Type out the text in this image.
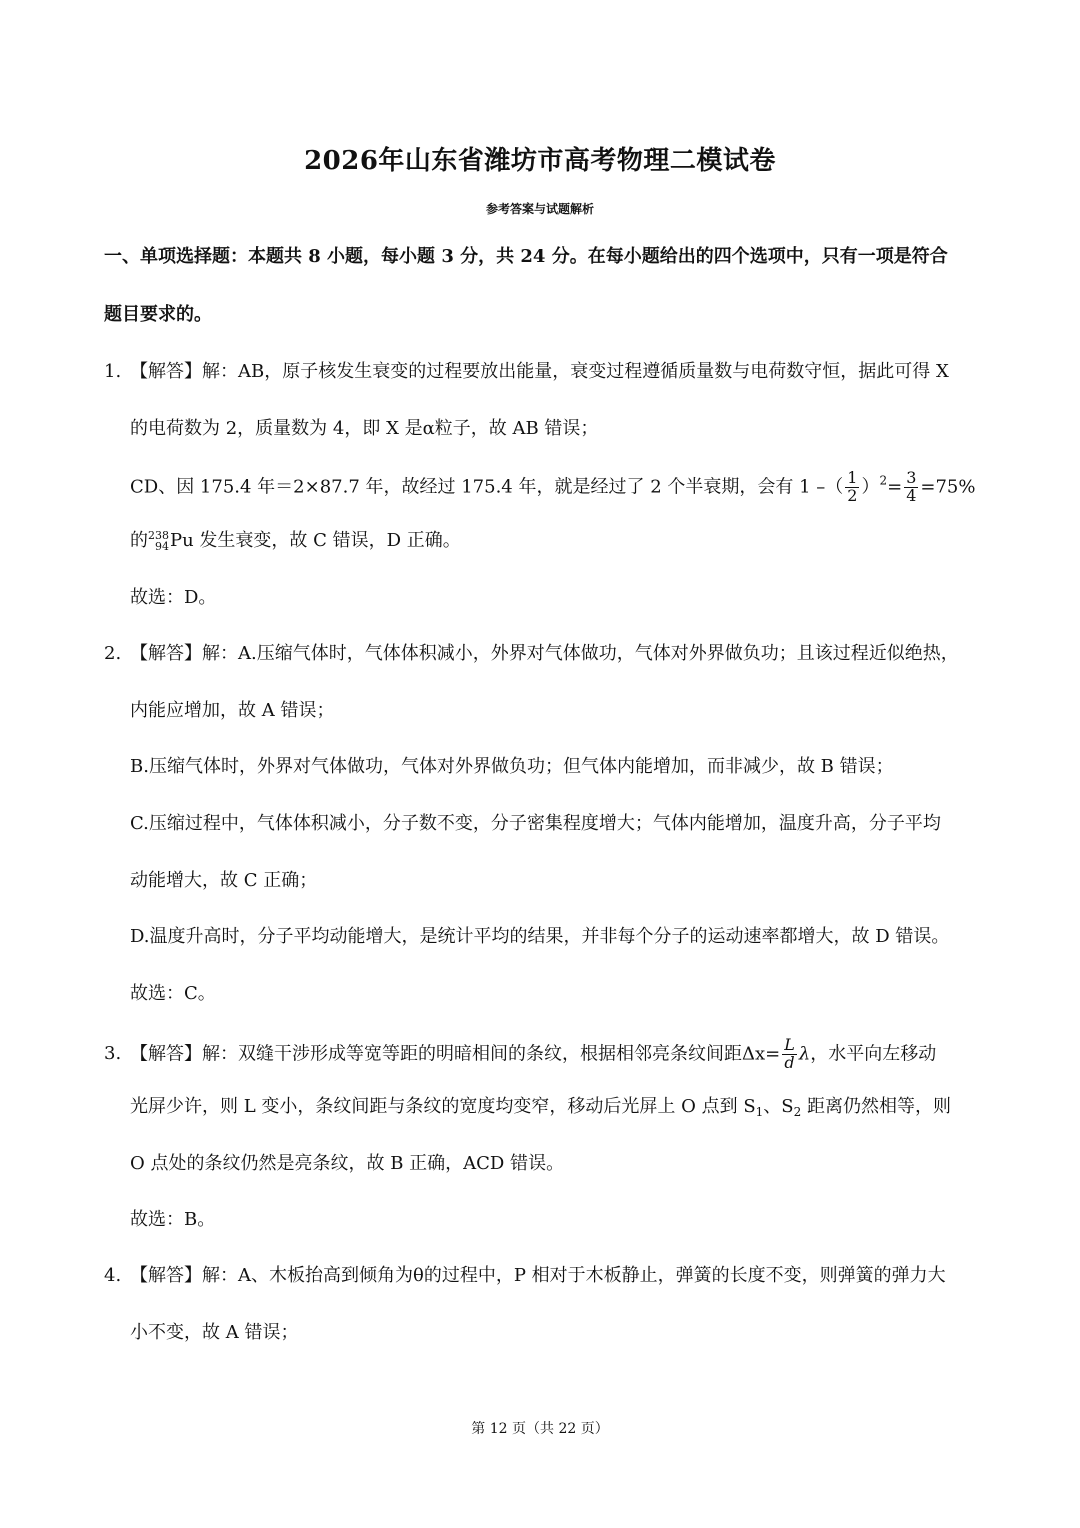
2026年山东省潍坊市高考物理二模试卷
参考答案与试题解析
一、单项选择题：本题共 8 小题，每小题 3 分，共 24 分。在每小题给出的四个选项中，只有一项是符合
题目要求的。
1. 【解答】解：AB，原子核发生衰变的过程要放出能量，衰变过程遵循质量数与电荷数守恒，据此可得 X
的电荷数为 2，质量数为 4，即 X 是α粒子，故 AB 错误；
CD、因 175.4 年＝2×87.7 年，故经过 175.4 年，就是经过了 2 个半衰期，会有 1 –（ $\frac{1}{2} )^2= \frac{3}{4} =75\%$
的 238
94 Pu 发生衰变，故 C 错误，D 正确。
故选：D。
2. 【解答】解：A.压缩气体时，气体体积减小，外界对气体做功，气体对外界做负功；且该过程近似绝热，
内能应增加，故 A 错误；
B.压缩气体时，外界对气体做功，气体对外界做负功；但气体内能增加，而非减少，故 B 错误；
C.压缩过程中，气体体积减小，分子数不变，分子密集程度增大；气体内能增加，温度升高，分子平均
动能增大，故 C 正确；
D.温度升高时，分子平均动能增大，是统计平均的结果，并非每个分子的运动速率都增大，故 D 错误。
故选：C。
3. 【解答】解：双缝干涉形成等宽等距的明暗相间的条纹，根据相邻亮条纹间距$\Delta x= \frac{L}{d}$ λ，水平向左移动
光屏少许，则 L 变小，条纹间距与条纹的宽度均变窄，移动后光屏上 O 点到 $S_1$、$S_2$ 距离仍然相等，则
O 点处的条纹仍然是亮条纹，故 B 正确，ACD 错误。
故选：B。
4. 【解答】解：A、木板抬高到倾角为θ的过程中，P 相对于木板静止，弹簧的长度不变，则弹簧的弹力大
小不变，故 A 错误；
第 12 页（共 22 页）
